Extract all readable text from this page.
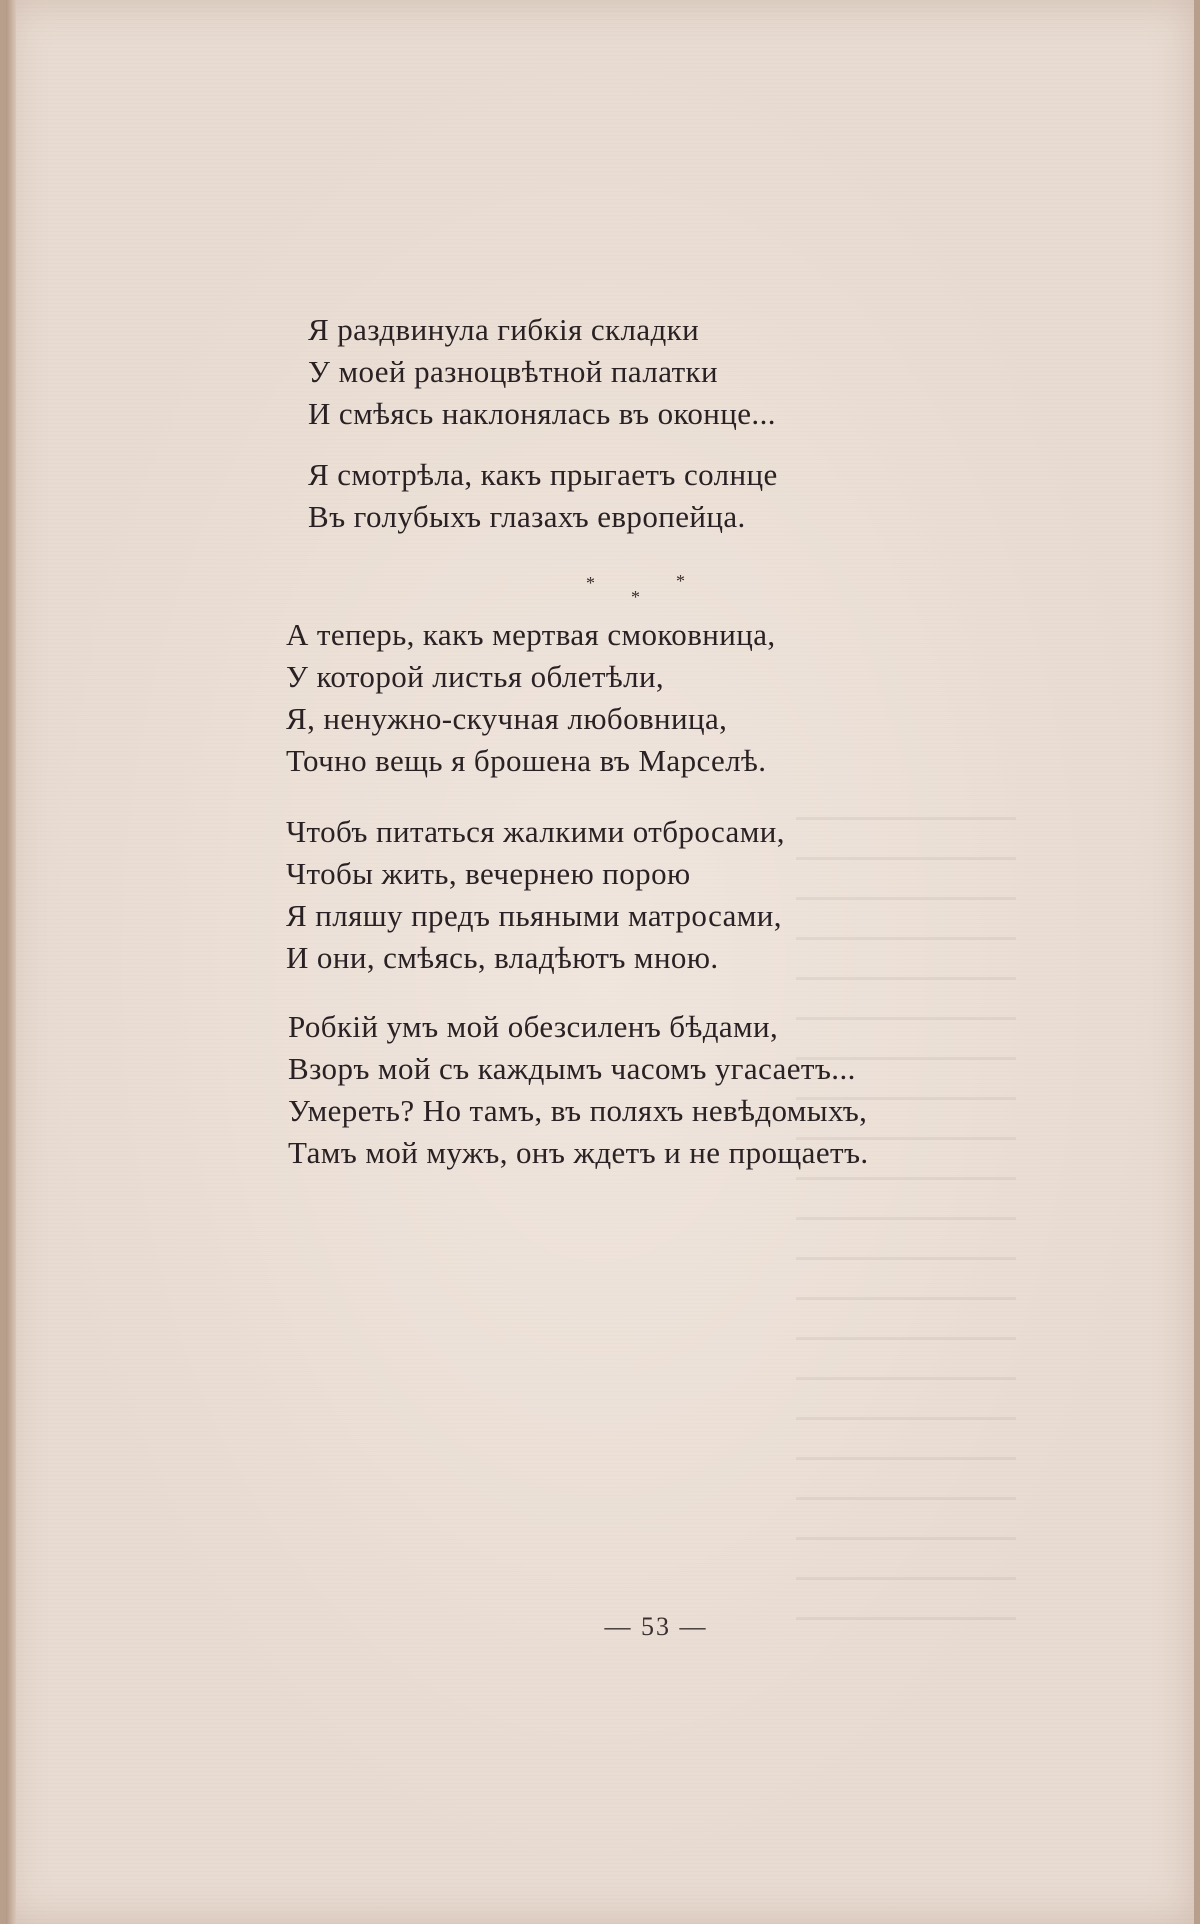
Я раздвинула гибкія складки
У моей разноцвѣтной палатки
И смѣясь наклонялась въ оконце...

Я смотрѣла, какъ прыгаетъ солнце
Въ голубыхъ глазахъ европейца.

*
*
*

А теперь, какъ мертвая смоковница,
У которой листья облетѣли,
Я, ненужно-скучная любовница,
Точно вещь я брошена въ Марселѣ.

Чтобъ питаться жалкими отбросами,
Чтобы жить, вечернею порою
Я пляшу предъ пьяными матросами,
И они, смѣясь, владѣютъ мною.

Робкій умъ мой обезсиленъ бѣдами,
Взоръ мой съ каждымъ часомъ угасаетъ...
Умереть? Но тамъ, въ поляхъ невѣдомыхъ,
Тамъ мой мужъ, онъ ждетъ и не прощаетъ.

— 53 —
